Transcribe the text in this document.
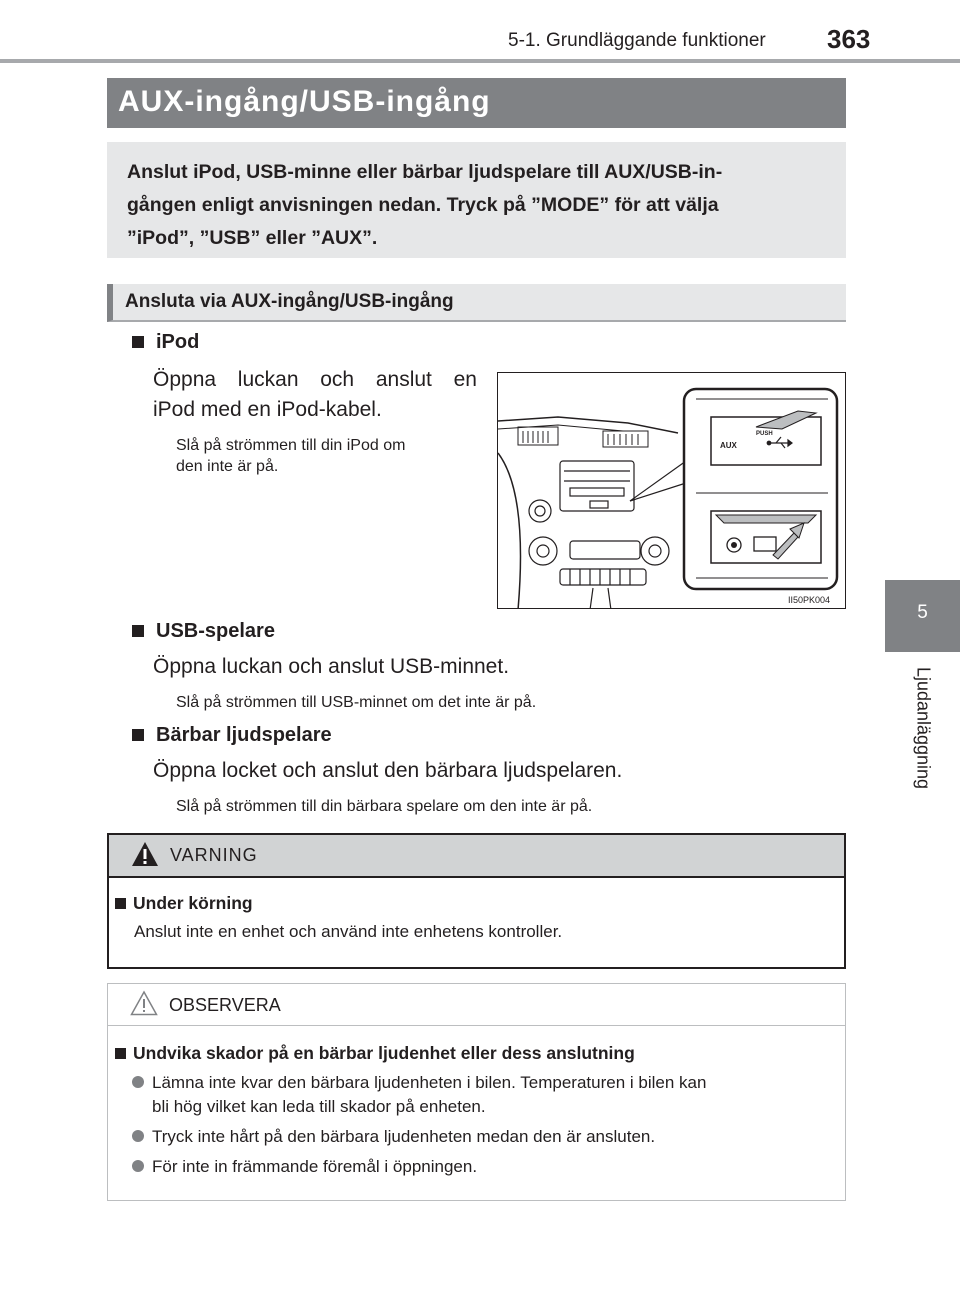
5-1. Grundläggande funktioner 363
5
Ljudanläggning
AUX-ingång/USB-ingång
Anslut iPod, USB-minne eller bärbar ljudspelare till AUX/USB-in-
gången enligt anvisningen nedan. Tryck på ”MODE” för att välja
”iPod”, ”USB” eller ”AUX”.
Ansluta via AUX-ingång/USB-ingång
iPod
Öppna luckan och anslut en
iPod med en iPod-kabel.
Slå på strömmen till din iPod om
den inte är på.
PUSH
AUX
II50PK004
USB-spelare
Öppna luckan och anslut USB-minnet.
Slå på strömmen till USB-minnet om det inte är på.
Bärbar ljudspelare
Öppna locket och anslut den bärbara ljudspelaren.
Slå på strömmen till din bärbara spelare om den inte är på.
VARNING
Under körning
Anslut inte en enhet och använd inte enhetens kontroller.
OBSERVERA
Undvika skador på en bärbar ljudenhet eller dess anslutning
Lämna inte kvar den bärbara ljudenheten i bilen. Temperaturen i bilen kan
bli hög vilket kan leda till skador på enheten.
Tryck inte hårt på den bärbara ljudenheten medan den är ansluten.
För inte in främmande föremål i öppningen.
